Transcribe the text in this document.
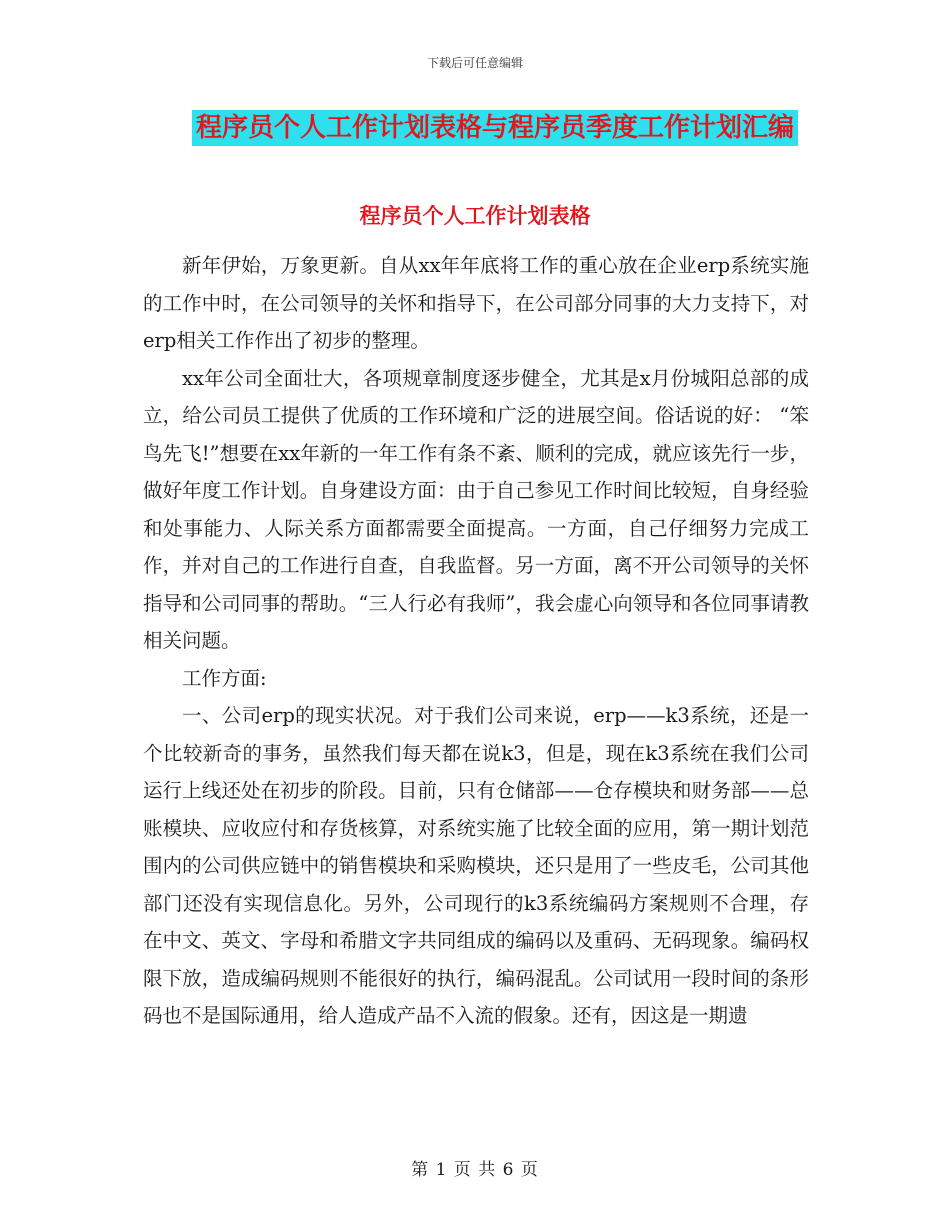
下载后可任意编辑
程序员个人工作计划表格与程序员季度工作计划汇编
程序员个人工作计划表格

新年伊始，万象更新。自从xx年年底将工作的重心放在企业erp系统实施的工作中时，在公司领导的关怀和指导下，在公司部分同事的大力支持下，对erp相关工作作出了初步的整理。

xx年公司全面壮大，各项规章制度逐步健全，尤其是x月份城阳总部的成立，给公司员工提供了优质的工作环境和广泛的进展空间。俗话说的好： “笨鸟先飞!”想要在xx年新的一年工作有条不紊、顺利的完成，就应该先行一步，做好年度工作计划。自身建设方面：由于自己参见工作时间比较短，自身经验和处事能力、人际关系方面都需要全面提高。一方面，自己仔细努力完成工作，并对自己的工作进行自查，自我监督。另一方面，离不开公司领导的关怀指导和公司同事的帮助。“三人行必有我师”，我会虚心向领导和各位同事请教相关问题。

工作方面:

一、公司erp的现实状况。对于我们公司来说，erp——k3系统，还是一个比较新奇的事务，虽然我们每天都在说k3，但是，现在k3系统在我们公司运行上线还处在初步的阶段。目前，只有仓储部——仓存模块和财务部——总账模块、应收应付和存货核算，对系统实施了比较全面的应用，第一期计划范围内的公司供应链中的销售模块和采购模块，还只是用了一些皮毛，公司其他部门还没有实现信息化。另外，公司现行的k3系统编码方案规则不合理，存在中文、英文、字母和希腊文字共同组成的编码以及重码、无码现象。编码权限下放，造成编码规则不能很好的执行，编码混乱。公司试用一段时间的条形码也不是国际通用，给人造成产品不入流的假象。还有，因这是一期遗

第 1 页 共 6 页
